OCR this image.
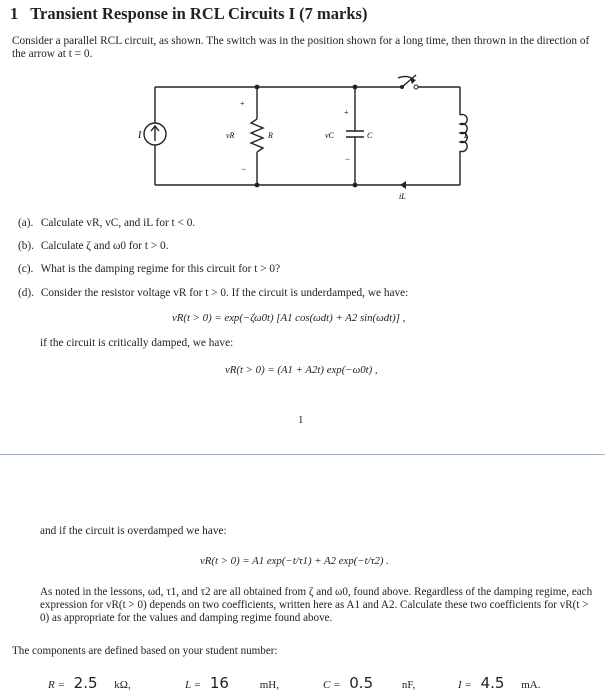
1 Transient Response in RCL Circuits I (7 marks)
Consider a parallel RCL circuit, as shown. The switch was in the position shown for a long time, then thrown in the direction of the arrow at t = 0.
I	vR	R
+
−
vC	C
+
−
L
iL
(a). Calculate vR, vC, and iL for t < 0.
(b). Calculate ζ and ω0 for t > 0.
(c). What is the damping regime for this circuit for t > 0?
(d). Consider the resistor voltage vR for t > 0. If the circuit is underdamped, we have:
vR(t > 0) = exp(−ζω0t) [A1 cos(ωdt) + A2 sin(ωdt)] ,
if the circuit is critically damped, we have:
vR(t > 0) = (A1 + A2t) exp(−ω0t) ,
1
and if the circuit is overdamped we have:
vR(t > 0) = A1 exp(−t/τ1) + A2 exp(−t/τ2) .
As noted in the lessons, ωd, τ1, and τ2 are all obtained from ζ and ω0, found above. Regardless of the damping regime, each expression for vR(t > 0) depends on two coefficients, written here as A1 and A2. Calculate these two coefficients for vR(t > 0) as appropriate for the values and damping regime found above.
The components are defined based on your student number:
R = 2.5 kΩ,	L = 16	mH,	C = 0.5	nF,	I = 4.5 mA.
